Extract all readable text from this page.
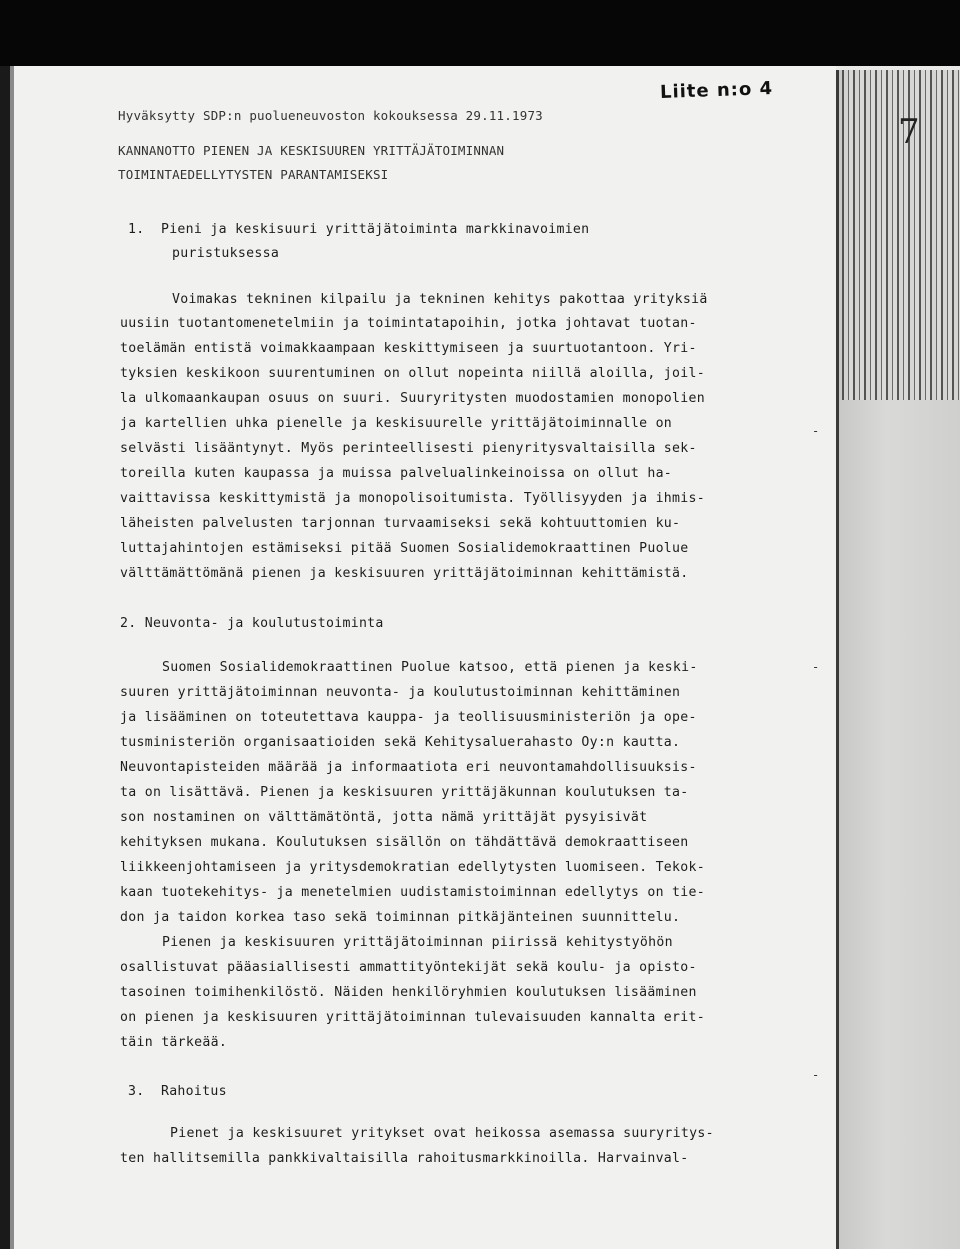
Liite n:o 4
7
Hyväksytty SDP:n puolueneuvoston kokouksessa 29.11.1973
KANNANOTTO PIENEN JA KESKISUUREN YRITTÄJÄTOIMINNAN
TOIMINTAEDELLYTYSTEN PARANTAMISEKSI
1.  Pieni ja keskisuuri yrittäjätoiminta markkinavoimien
puristuksessa
Voimakas tekninen kilpailu ja tekninen kehitys pakottaa yrityksiä
uusiin tuotantomenetelmiin ja toimintatapoihin, jotka johtavat tuotan-
toelämän entistä voimakkaampaan keskittymiseen ja suurtuotantoon. Yri-
tyksien keskikoon suurentuminen on ollut nopeinta niillä aloilla, joil-
la ulkomaankaupan osuus on suuri. Suuryritysten muodostamien monopolien
ja kartellien uhka pienelle ja keskisuurelle yrittäjätoiminnalle on
selvästi lisääntynyt. Myös perinteellisesti pienyritysvaltaisilla sek-
toreilla kuten kaupassa ja muissa palvelualinkeinoissa on ollut ha-
vaittavissa keskittymistä ja monopolisoitumista. Työllisyyden ja ihmis-
läheisten palvelusten tarjonnan turvaamiseksi sekä kohtuuttomien ku-
luttajahintojen estämiseksi pitää Suomen Sosialidemokraattinen Puolue
välttämättömänä pienen ja keskisuuren yrittäjätoiminnan kehittämistä.
2. Neuvonta- ja koulutustoiminta
Suomen Sosialidemokraattinen Puolue katsoo, että pienen ja keski-
suuren yrittäjätoiminnan neuvonta- ja koulutustoiminnan kehittäminen
ja lisääminen on toteutettava kauppa- ja teollisuusministeriön ja ope-
tusministeriön organisaatioiden sekä Kehitysaluerahasto Oy:n kautta.
Neuvontapisteiden määrää ja informaatiota eri neuvontamahdollisuuksis-
ta on lisättävä. Pienen ja keskisuuren yrittäjäkunnan koulutuksen ta-
son nostaminen on välttämätöntä, jotta nämä yrittäjät pysyisivät
kehityksen mukana. Koulutuksen sisällön on tähdättävä demokraattiseen
liikkeenjohtamiseen ja yritysdemokratian edellytysten luomiseen. Tekok-
kaan tuotekehitys- ja menetelmien uudistamistoiminnan edellytys on tie-
don ja taidon korkea taso sekä toiminnan pitkäjänteinen suunnittelu.
Pienen ja keskisuuren yrittäjätoiminnan piirissä kehitystyöhön
osallistuvat pääasiallisesti ammattityöntekijät sekä koulu- ja opisto-
tasoinen toimihenkilöstö. Näiden henkilöryhmien koulutuksen lisääminen
on pienen ja keskisuuren yrittäjätoiminnan tulevaisuuden kannalta erit-
täin tärkeää.
3.  Rahoitus
Pienet ja keskisuuret yritykset ovat heikossa asemassa suuryritys-
ten hallitsemilla pankkivaltaisilla rahoitusmarkkinoilla. Harvainval-
-
-
-
